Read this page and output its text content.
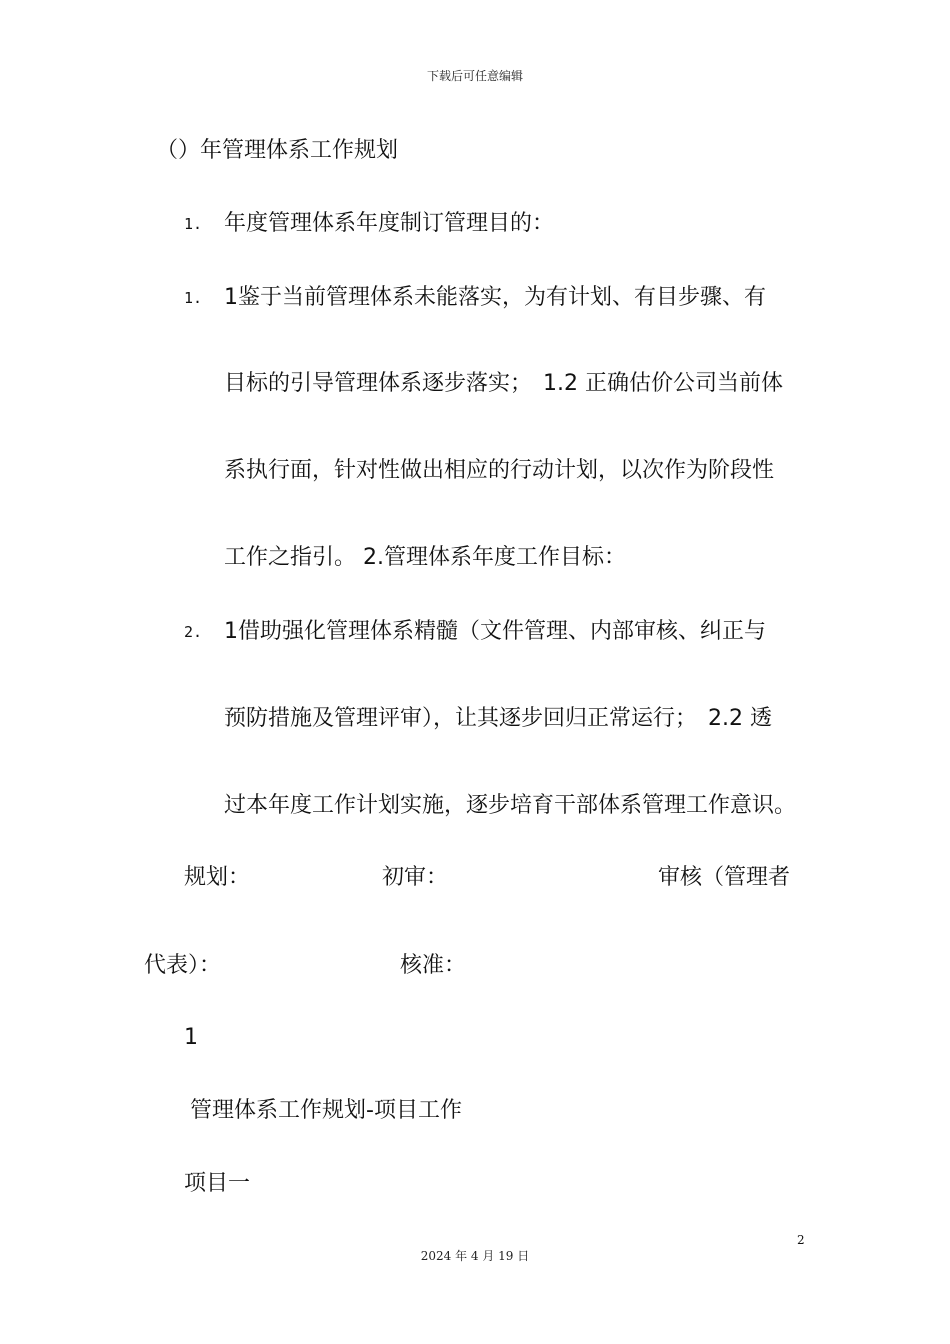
下载后可任意编辑
（）年管理体系工作规划
1. 年度管理体系年度制订管理目的：
1. 1鉴于当前管理体系未能落实，为有计划、有目步骤、有
目标的引导管理体系逐步落实；　1.2 正确估价公司当前体
系执行面，针对性做出相应的行动计划，以次作为阶段性
工作之指引。 2.管理体系年度工作目标：
2. 1借助强化管理体系精髓（文件管理、内部审核、纠正与
预防措施及管理评审），让其逐步回归正常运行；　2.2 透
过本年度工作计划实施，逐步培育干部体系管理工作意识。
规划：	初审：	审核（管理者
代表）：	核准：
1
管理体系工作规划-项目工作
项目一
2
2024 年 4 月 19 日
